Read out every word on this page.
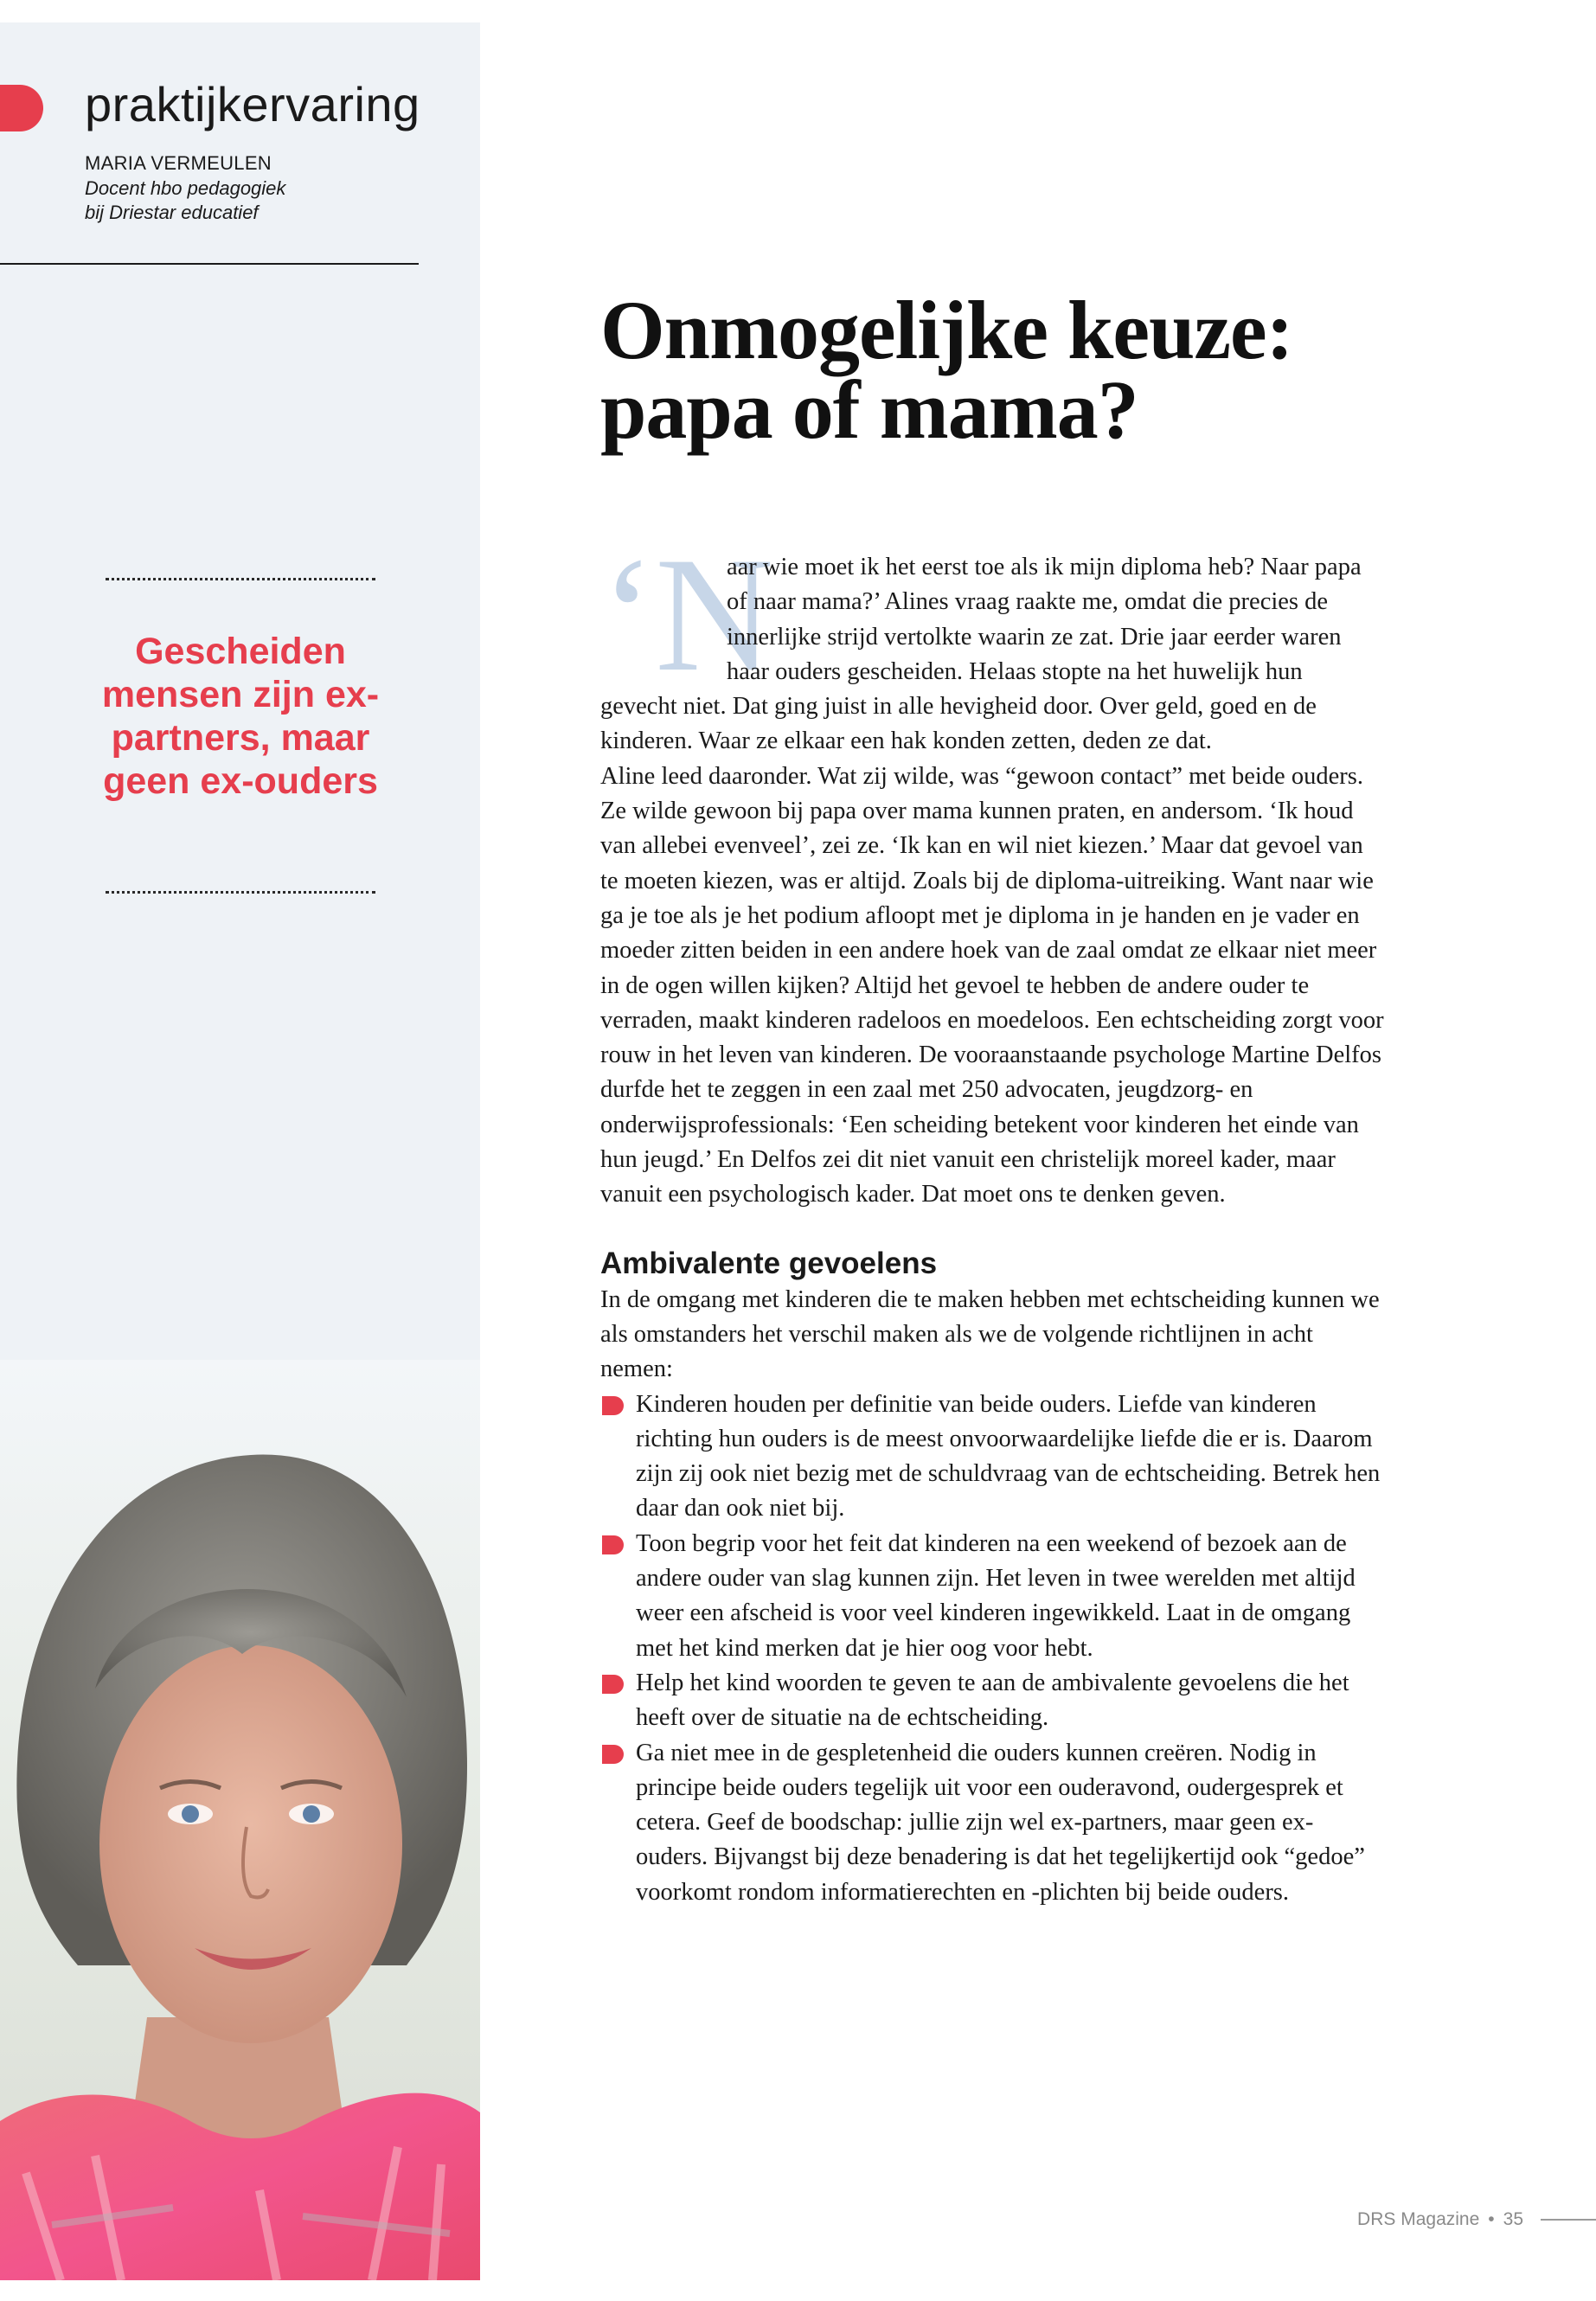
praktijkervaring
MARIA VERMEULEN
Docent hbo pedagogiek
bij Driestar educatief

Gescheiden mensen zijn ex-partners, maar geen ex-ouders

Onmogelijke keuze: papa of mama?

‘N
aar wie moet ik het eerst toe als ik mijn diploma heb? Naar papa of naar mama?’ Alines vraag raakte me, omdat die precies de innerlijke strijd vertolkte waarin ze zat. Drie jaar eerder waren haar ouders gescheiden. Helaas stopte na het huwelijk hun gevecht niet. Dat ging juist in alle hevigheid door. Over geld, goed en de kinderen. Waar ze elkaar een hak konden zetten, deden ze dat.

Aline leed daaronder. Wat zij wilde, was “gewoon contact” met beide ouders. Ze wilde gewoon bij papa over mama kunnen praten, en andersom. ‘Ik houd van allebei evenveel’, zei ze. ‘Ik kan en wil niet kiezen.’ Maar dat gevoel van te moeten kiezen, was er altijd. Zoals bij de diploma-uitreiking. Want naar wie ga je toe als je het podium afloopt met je diploma in je handen en je vader en moeder zitten beiden in een andere hoek van de zaal omdat ze elkaar niet meer in de ogen willen kijken? Altijd het gevoel te hebben de andere ouder te verraden, maakt kinderen radeloos en moedeloos. Een echtscheiding zorgt voor rouw in het leven van kinderen. De vooraanstaande psychologe Martine Delfos durfde het te zeggen in een zaal met 250 advocaten, jeugdzorg- en onderwijsprofessionals: ‘Een scheiding betekent voor kinderen het einde van hun jeugd.’ En Delfos zei dit niet vanuit een christelijk moreel kader, maar vanuit een psychologisch kader. Dat moet ons te denken geven.

Ambivalente gevoelens

In de omgang met kinderen die te maken hebben met echtscheiding kunnen we als omstanders het verschil maken als we de volgende richtlijnen in acht nemen:

Kinderen houden per definitie van beide ouders. Liefde van kinderen richting hun ouders is de meest onvoorwaardelijke liefde die er is. Daarom zijn zij ook niet bezig met de schuldvraag van de echtscheiding. Betrek hen daar dan ook niet bij.
Toon begrip voor het feit dat kinderen na een weekend of bezoek aan de andere ouder van slag kunnen zijn. Het leven in twee werelden met altijd weer een afscheid is voor veel kinderen ingewikkeld. Laat in de omgang met het kind merken dat je hier oog voor hebt.
Help het kind woorden te geven te aan de ambivalente gevoelens die het heeft over de situatie na de echtscheiding.
Ga niet mee in de gespletenheid die ouders kunnen creëren. Nodig in principe beide ouders tegelijk uit voor een ouderavond, oudergesprek et cetera. Geef de boodschap: jullie zijn wel ex-partners, maar geen ex-ouders. Bijvangst bij deze benadering is dat het tegelijkertijd ook “gedoe” voorkomt rondom informatierechten en -plichten bij beide ouders.
DRS Magazine • 35
